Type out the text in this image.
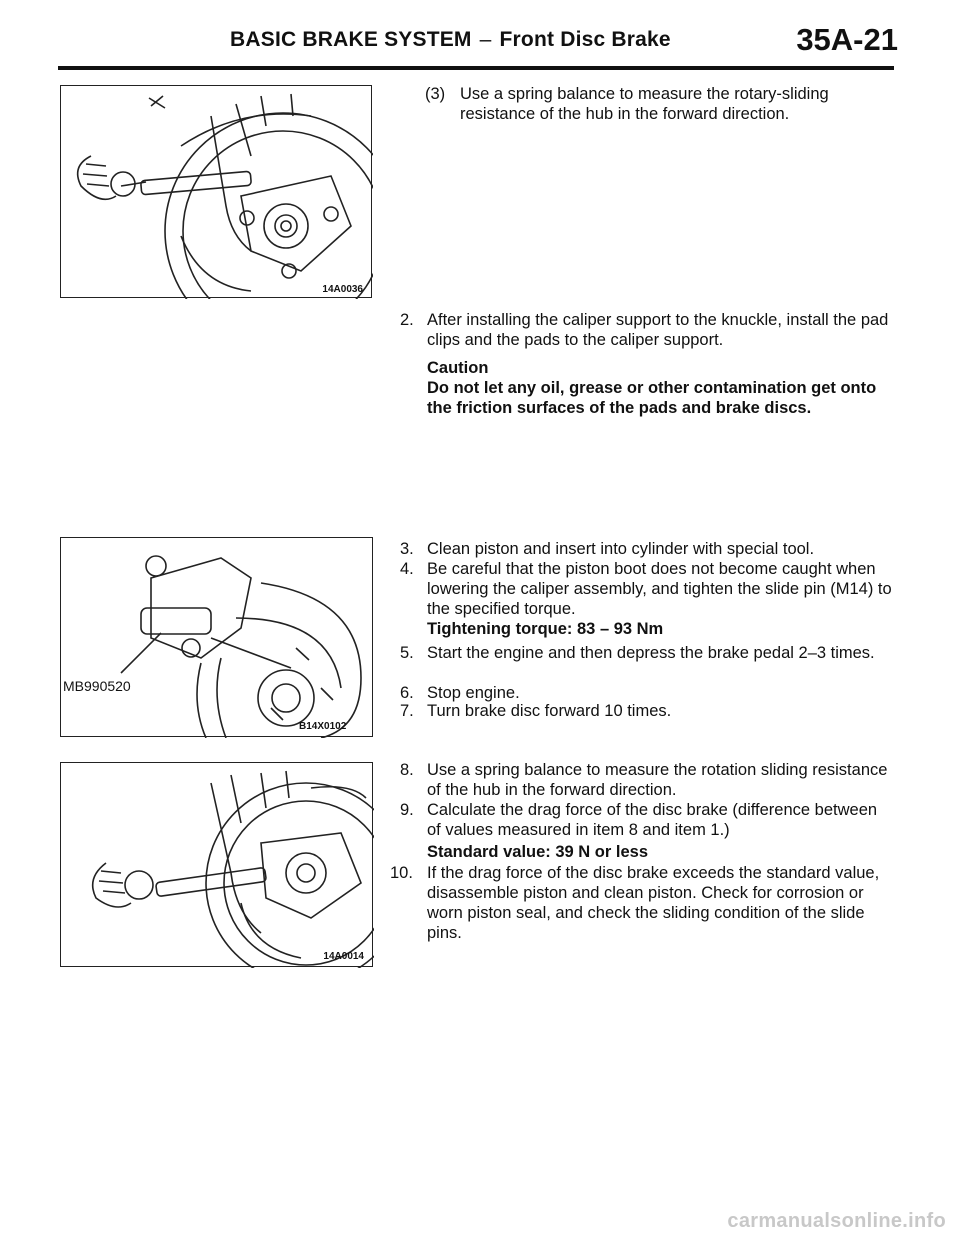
BASIC BRAKE SYSTEM – Front Disc Brake	35A-21
14A0036
MB990520
B14X0102
14A0014
(3) Use a spring balance to measure the rotary-sliding resistance of the hub in the forward direction.
2. After installing the caliper support to the knuckle, install the pad clips and the pads to the caliper support.
Caution
Do not let any oil, grease or other contamination get onto the friction surfaces of the pads and brake discs.
3. Clean piston and insert into cylinder with special tool.
4. Be careful that the piston boot does not become caught when lowering the caliper assembly, and tighten the slide pin (M14) to the specified torque.
Tightening torque: 83 – 93 Nm
5. Start the engine and then depress the brake pedal 2–3 times.
6. Stop engine.
7. Turn brake disc forward 10 times.
8. Use a spring balance to measure the rotation sliding resistance of the hub in the forward direction.
9. Calculate the drag force of the disc brake (difference between of values measured in item 8 and item 1.)
Standard value: 39 N or less
10. If the drag force of the disc brake exceeds the standard value, disassemble piston and clean piston. Check for corrosion or worn piston seal, and check the sliding condition of the slide pins.
carmanualsonline.info
